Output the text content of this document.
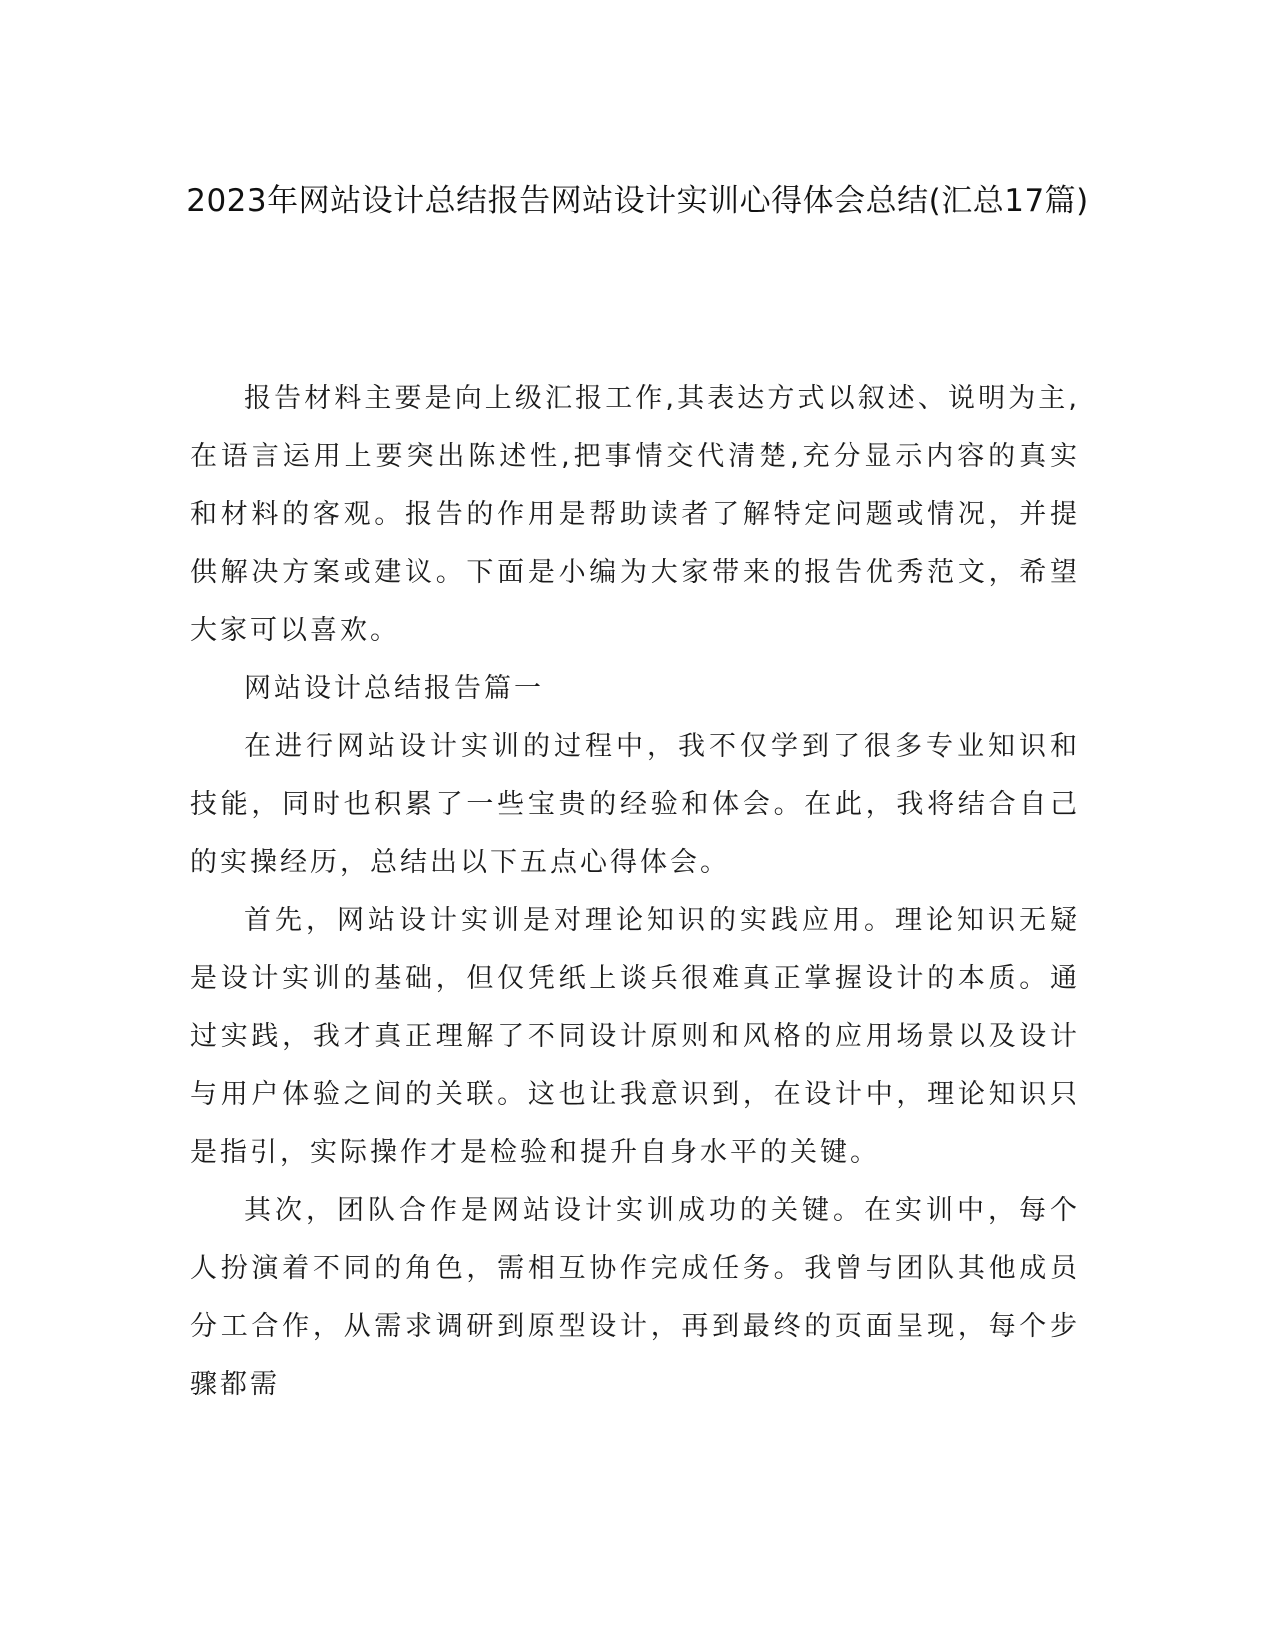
2023年网站设计总结报告网站设计实训心得体会总结(汇总17篇)

报告材料主要是向上级汇报工作,其表达方式以叙述、说明为主,在语言运用上要突出陈述性,把事情交代清楚,充分显示内容的真实和材料的客观。报告的作用是帮助读者了解特定问题或情况，并提供解决方案或建议。下面是小编为大家带来的报告优秀范文，希望大家可以喜欢。

网站设计总结报告篇一

在进行网站设计实训的过程中，我不仅学到了很多专业知识和技能，同时也积累了一些宝贵的经验和体会。在此，我将结合自己的实操经历，总结出以下五点心得体会。

首先，网站设计实训是对理论知识的实践应用。理论知识无疑是设计实训的基础，但仅凭纸上谈兵很难真正掌握设计的本质。通过实践，我才真正理解了不同设计原则和风格的应用场景以及设计与用户体验之间的关联。这也让我意识到，在设计中，理论知识只是指引，实际操作才是检验和提升自身水平的关键。

其次，团队合作是网站设计实训成功的关键。在实训中，每个人扮演着不同的角色，需相互协作完成任务。我曾与团队其他成员分工合作，从需求调研到原型设计，再到最终的页面呈现，每个步骤都需
